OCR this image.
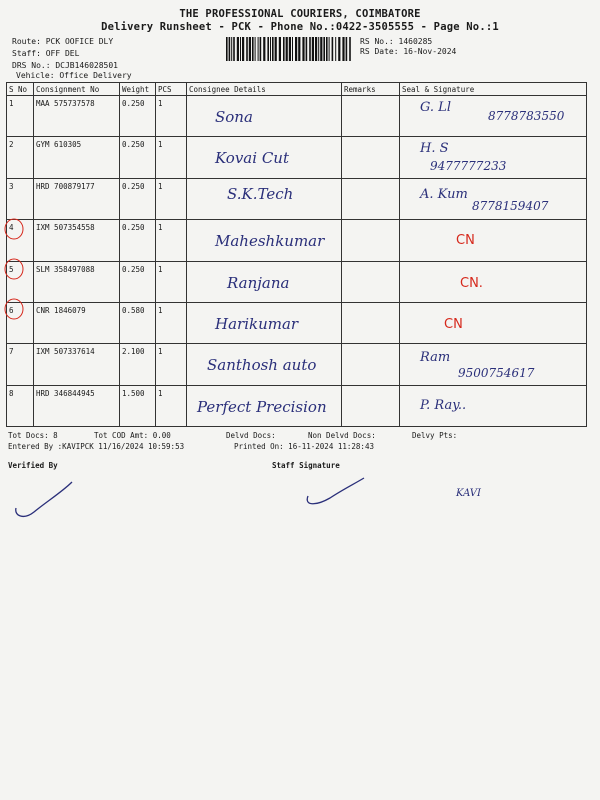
THE PROFESSIONAL COURIERS, COIMBATORE
Delivery Runsheet - PCK - Phone No.:0422-3505555 - Page No.:1
Route: PCK OOFICE DLY
Staff: OFF DEL
DRS No.: DCJB146028501
Vehicle: Office Delivery
RS No.: 1460285
RS Date: 16-Nov-2024
S No	Consignment No	Weight	PCS	Consignee Details	Remarks	Seal & Signature
1	MAA 575737578	0.250	1	Sona		G. Ll
8778783550

2	GYM 610305	0.250	1	Kovai Cut		H. S
9477777233

3	HRD 700879177	0.250	1	S.K.Tech		A. Kum
8778159407

4	IXM 507354558	0.250	1	Maheshkumar		CN

5	SLM 358497088	0.250	1	Ranjana		CN.

6	CNR 1846079	0.580	1	Harikumar		CN

7	IXM 507337614	2.100	1	Santhosh auto		Ram
9500754617

8	HRD 346844945	1.500	1	Perfect Precision		P. Ray..
Tot Docs: 8	Tot COD Amt: 0.00	Delvd Docs:	Non Delvd Docs:	Delvy Pts:
Entered By :KAVIPCK 11/16/2024 10:59:53	Printed On: 16-11-2024 11:28:43
Verified By	Staff Signature
KAVI
